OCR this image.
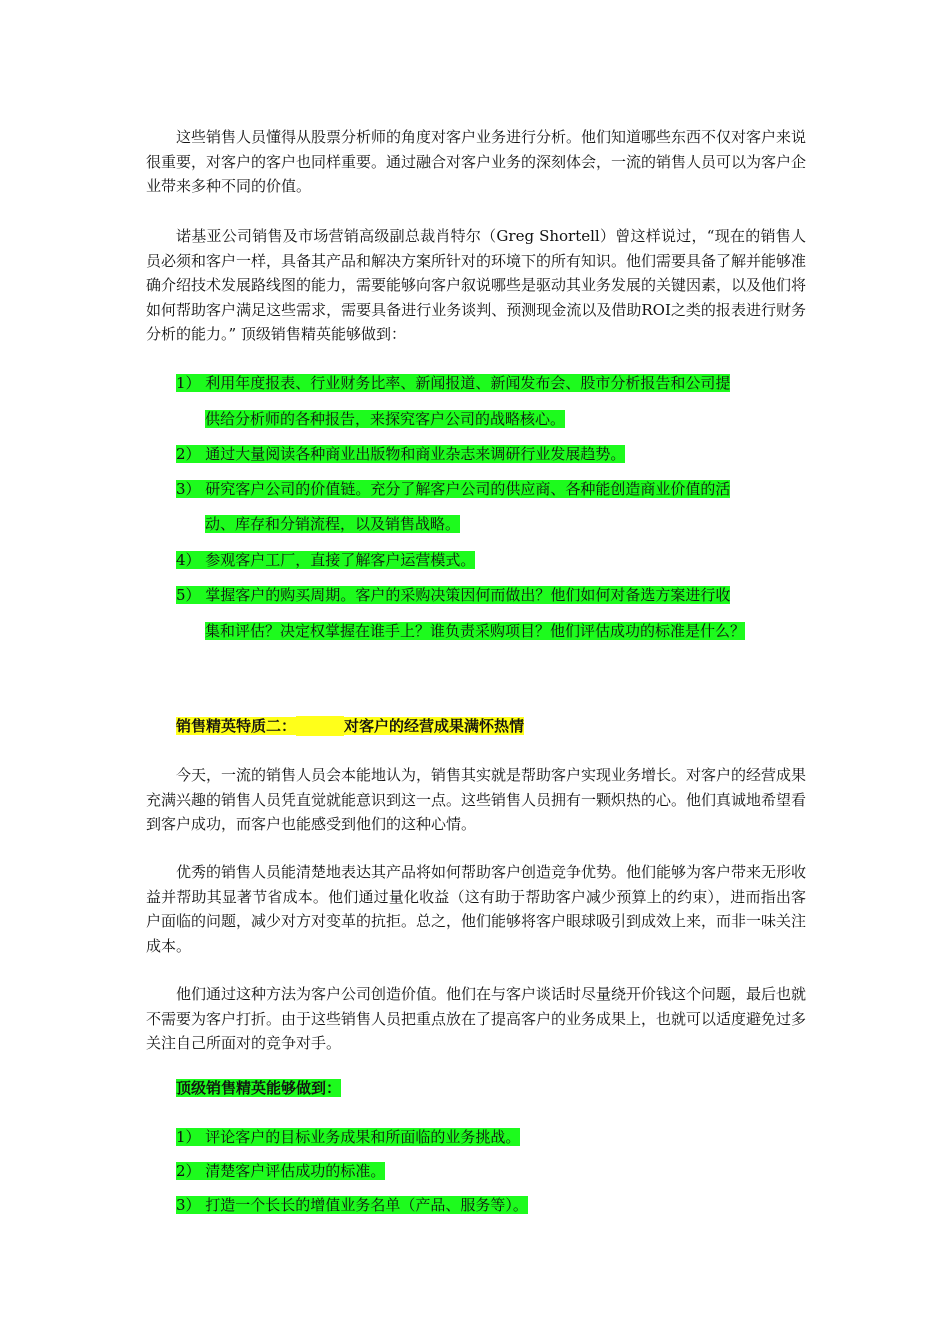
这些销售人员懂得从股票分析师的角度对客户业务进行分析。他们知道哪些东西不仅对客户来说很重要，对客户的客户也同样重要。通过融合对客户业务的深刻体会，一流的销售人员可以为客户企业带来多种不同的价值。

诺基亚公司销售及市场营销高级副总裁肖特尔（Greg Shortell）曾这样说过，“现在的销售人员必须和客户一样，具备其产品和解决方案所针对的环境下的所有知识。他们需要具备了解并能够准确介绍技术发展路线图的能力，需要能够向客户叙说哪些是驱动其业务发展的关键因素，以及他们将如何帮助客户满足这些需求，需要具备进行业务谈判、预测现金流以及借助ROI之类的报表进行财务分析的能力。” 顶级销售精英能够做到：

1） 利用年度报表、行业财务比率、新闻报道、新闻发布会、股市分析报告和公司提
供给分析师的各种报告，来探究客户公司的战略核心。
2） 通过大量阅读各种商业出版物和商业杂志来调研行业发展趋势。
3） 研究客户公司的价值链。充分了解客户公司的供应商、各种能创造商业价值的活
动、库存和分销流程，以及销售战略。
4） 参观客户工厂，直接了解客户运营模式。
5） 掌握客户的购买周期。客户的采购决策因何而做出？他们如何对备选方案进行收
集和评估？决定权掌握在谁手上？谁负责采购项目？他们评估成功的标准是什么？
销售精英特质二：	对客户的经营成果满怀热情

今天，一流的销售人员会本能地认为，销售其实就是帮助客户实现业务增长。对客户的经营成果充满兴趣的销售人员凭直觉就能意识到这一点。这些销售人员拥有一颗炽热的心。他们真诚地希望看到客户成功，而客户也能感受到他们的这种心情。

优秀的销售人员能清楚地表达其产品将如何帮助客户创造竞争优势。他们能够为客户带来无形收益并帮助其显著节省成本。他们通过量化收益（这有助于帮助客户减少预算上的约束），进而指出客户面临的问题，减少对方对变革的抗拒。总之，他们能够将客户眼球吸引到成效上来，而非一味关注成本。

他们通过这种方法为客户公司创造价值。他们在与客户谈话时尽量绕开价钱这个问题，最后也就不需要为客户打折。由于这些销售人员把重点放在了提高客户的业务成果上，也就可以适度避免过多关注自己所面对的竞争对手。

顶级销售精英能够做到：
1） 评论客户的目标业务成果和所面临的业务挑战。
2） 清楚客户评估成功的标准。
3） 打造一个长长的增值业务名单（产品、服务等）。
